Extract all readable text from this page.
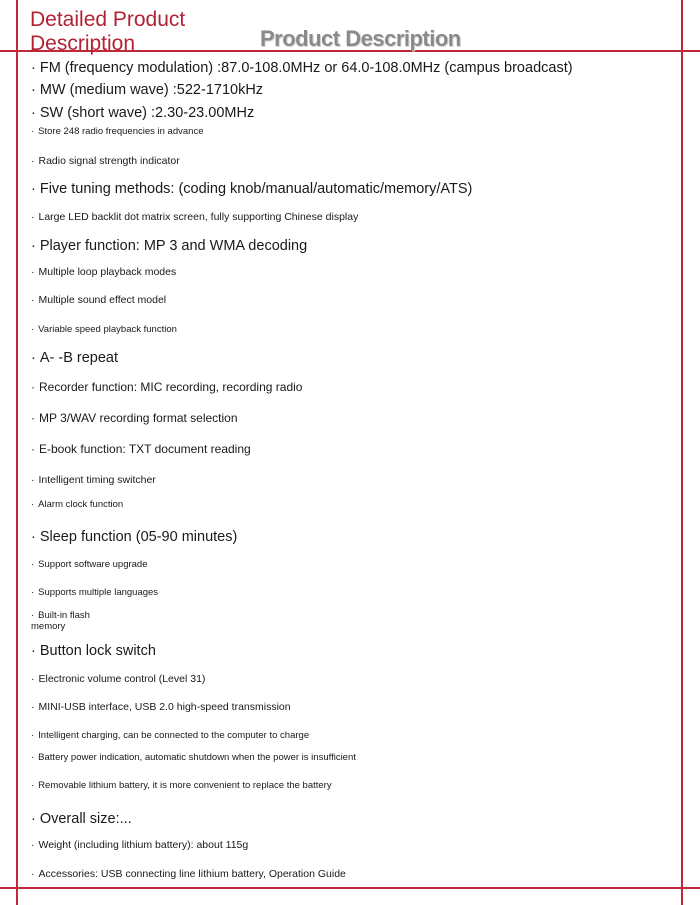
Detailed Product Description	Product Description

· FM (frequency modulation) :87.0-108.0MHz or 64.0-108.0MHz (campus broadcast)

· MW (medium wave) :522-1710kHz

· SW (short wave) :2.30-23.00MHz

· Store 248 radio frequencies in advance

· Radio signal strength indicator

· Five tuning methods: (coding knob/manual/automatic/memory/ATS)

· Large LED backlit dot matrix screen, fully supporting Chinese display

· Player function: MP 3 and WMA decoding

· Multiple loop playback modes

· Multiple sound effect model

· Variable speed playback function

· A- -B repeat

· Recorder function: MIC recording, recording radio

· MP 3/WAV recording format selection

· E-book function: TXT document reading

· Intelligent timing switcher

· Alarm clock function

· Sleep function (05-90 minutes)

· Support software upgrade

· Supports multiple languages

· Built-in flash memory

· Button lock switch

· Electronic volume control (Level 31)

· MINI-USB interface, USB 2.0 high-speed transmission

· Intelligent charging, can be connected to the computer to charge

· Battery power indication, automatic shutdown when the power is insufficient

· Removable lithium battery, it is more convenient to replace the battery

· Overall size:...

· Weight (including lithium battery): about 115g

· Accessories: USB connecting line lithium battery, Operation Guide
